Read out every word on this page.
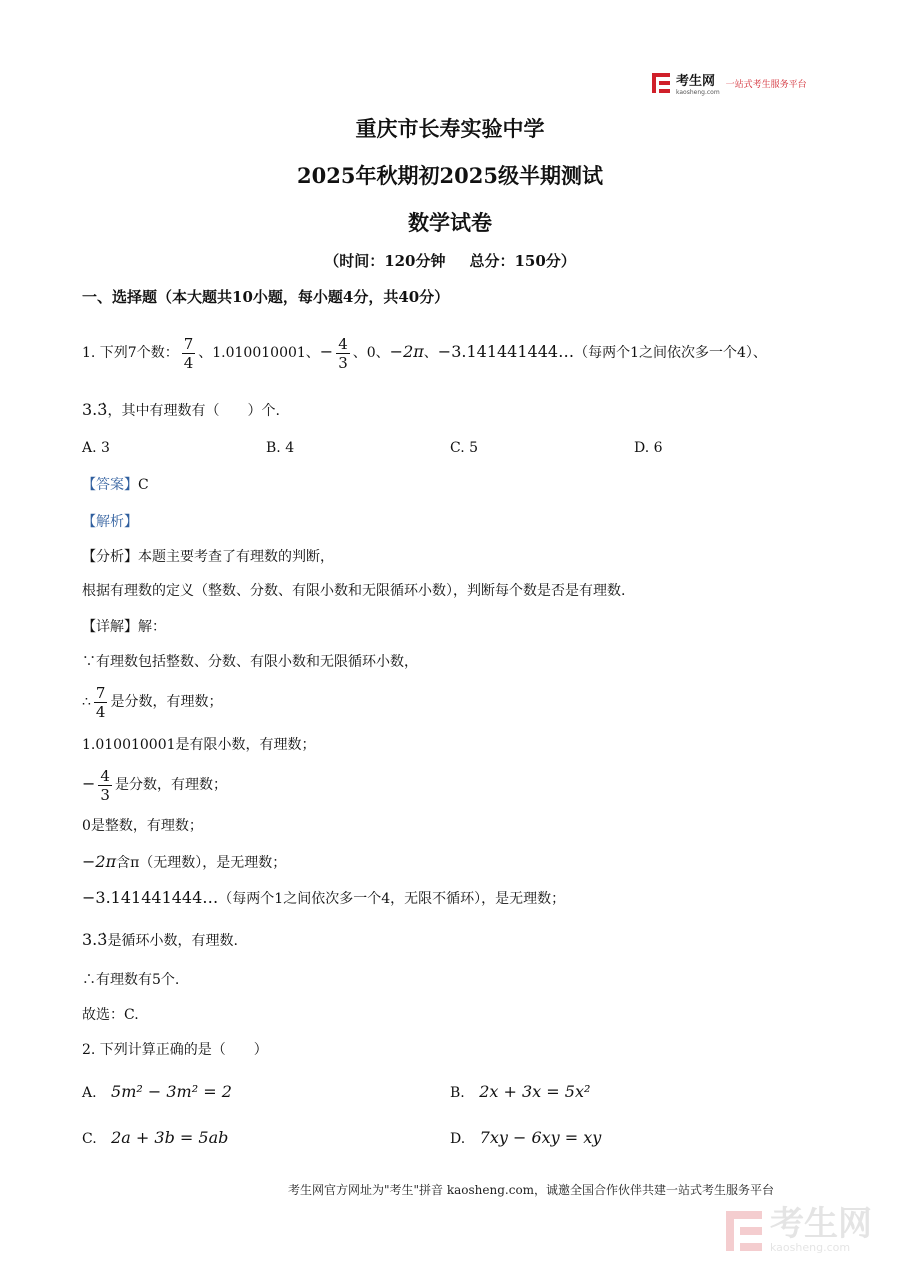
考生网
kaosheng.com
一站式考生服务平台
重庆市长寿实验中学
2025年秋期初2025级半期测试
数学试卷
（时间：120分钟 总分：150分）
一、选择题（本大题共10小题，每小题4分，共40分）
1. 下列7个数： $\frac{7}{4}$ 、1.010010001、− $\frac{4}{3}$ 、0、−2π、−3.141441444…（每两个1之间依次多一个4）、
3.3̇，其中有理数有（　　）个.
A. 3	B. 4	C. 5	D. 6
【答案】C
【解析】
【分析】本题主要考查了有理数的判断，
根据有理数的定义（整数、分数、有限小数和无限循环小数），判断每个数是否是有理数.
【详解】解：
∵有理数包括整数、分数、有限小数和无限循环小数，
∴ $\frac{7}{4}$ 是分数，有理数；
1.010010001是有限小数，有理数；
− $\frac{4}{3}$ 是分数，有理数；
0是整数，有理数；
−2π含π（无理数），是无理数；
−3.141441444…（每两个1之间依次多一个4，无限不循环），是无理数；
3.3̇是循环小数，有理数.
∴有理数有5个.
故选：C.
2. 下列计算正确的是（　　）
A. 5m² − 3m² = 2	B. 2x + 3x = 5x²
C. 2a + 3b = 5ab	D. 7xy − 6xy = xy
考生网官方网址为"考生"拼音 kaosheng.com，诚邀全国合作伙伴共建一站式考生服务平台
考生网
kaosheng.com
